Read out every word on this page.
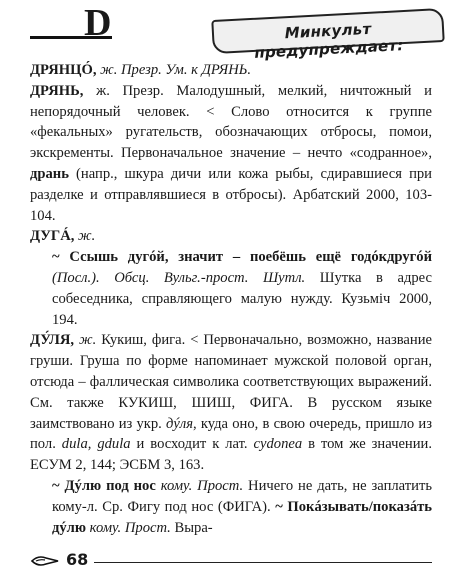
D	Минкульт предупреждает:

ДРЯНЦÓ, ж. Презр. Ум. к ДРЯНЬ.

ДРЯНЬ, ж. Презр. Малодушный, мелкий, ничтожный и непорядочный человек. < Слово относится к группе «фекальных» ругательств, обозначающих отбросы, помои, экскременты. Первоначальное значение – нечто «содранное», дрань (напр., шкура дичи или кожа рыбы, сдиравшиеся при разделке и отправлявшиеся в отбросы). Арбатский 2000, 103-104.

ДУГÁ, ж.

~ Ссышь дугóй, значит – поебёшь ещё годóкдругóй (Посл.). Обсц. Вульг.-прост. Шутл. Шутка в адрес собеседника, справляющего малую нужду. Кузьміч 2000, 194.

ДУ́ЛЯ, ж. Кукиш, фига. < Первоначально, возможно, название груши. Груша по форме напоминает мужской половой орган, отсюда – фаллическая символика соответствующих выражений. См. также КУКИШ, ШИШ, ФИГА. В русском языке заимствовано из укр. дýля, куда оно, в свою очередь, пришло из пол. dula, gdula и восходит к лат. cydonea в том же значении. ЕСУМ 2, 144; ЭСБМ 3, 163.

~ Дýлю под нос кому. Прост. Ничего не дать, не заплатить кому-л. Ср. Фигу под нос (ФИГА). ~ Покáзывать/показáть дýлю кому. Прост. Выра-

68
